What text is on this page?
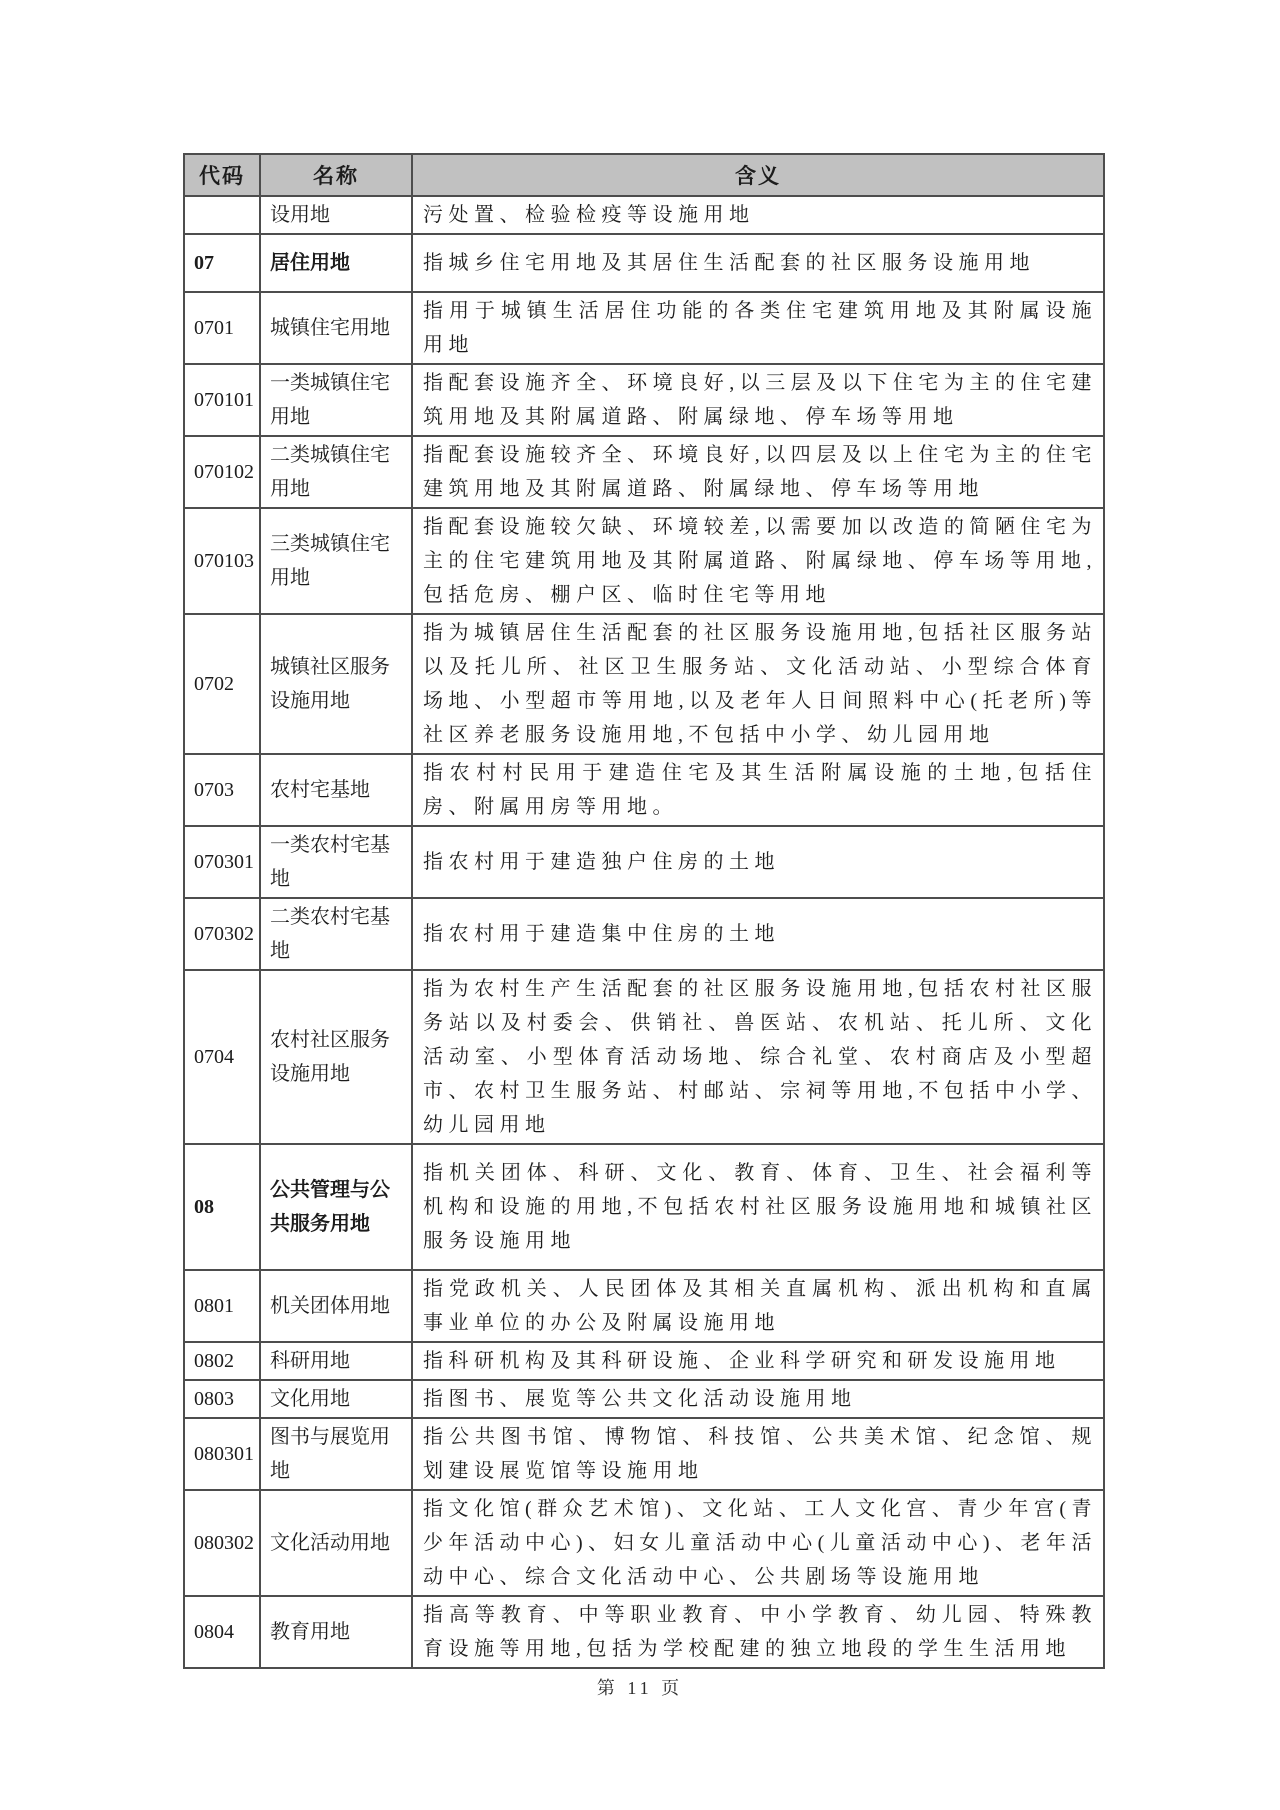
代码	名称	含义
	设用地	污处置、检验检疫等设施用地
07	居住用地	指城乡住宅用地及其居住生活配套的社区服务设施用地
0701	城镇住宅用地	指用于城镇生活居住功能的各类住宅建筑用地及其附属设施用地
070101	一类城镇住宅用地	指配套设施齐全、环境良好,以三层及以下住宅为主的住宅建筑用地及其附属道路、附属绿地、停车场等用地
070102	二类城镇住宅用地	指配套设施较齐全、环境良好,以四层及以上住宅为主的住宅建筑用地及其附属道路、附属绿地、停车场等用地
070103	三类城镇住宅用地	指配套设施较欠缺、环境较差,以需要加以改造的简陋住宅为主的住宅建筑用地及其附属道路、附属绿地、停车场等用地,包括危房、棚户区、临时住宅等用地
0702	城镇社区服务设施用地	指为城镇居住生活配套的社区服务设施用地,包括社区服务站以及托儿所、社区卫生服务站、文化活动站、小型综合体育场地、小型超市等用地,以及老年人日间照料中心(托老所)等社区养老服务设施用地,不包括中小学、幼儿园用地
0703	农村宅基地	指农村村民用于建造住宅及其生活附属设施的土地,包括住房、附属用房等用地。
070301	一类农村宅基地	指农村用于建造独户住房的土地
070302	二类农村宅基地	指农村用于建造集中住房的土地
0704	农村社区服务设施用地	指为农村生产生活配套的社区服务设施用地,包括农村社区服务站以及村委会、供销社、兽医站、农机站、托儿所、文化活动室、小型体育活动场地、综合礼堂、农村商店及小型超市、农村卫生服务站、村邮站、宗祠等用地,不包括中小学、幼儿园用地
08	公共管理与公共服务用地	指机关团体、科研、文化、教育、体育、卫生、社会福利等机构和设施的用地,不包括农村社区服务设施用地和城镇社区服务设施用地
0801	机关团体用地	指党政机关、人民团体及其相关直属机构、派出机构和直属事业单位的办公及附属设施用地
0802	科研用地	指科研机构及其科研设施、企业科学研究和研发设施用地
0803	文化用地	指图书、展览等公共文化活动设施用地
080301	图书与展览用地	指公共图书馆、博物馆、科技馆、公共美术馆、纪念馆、规划建设展览馆等设施用地
080302	文化活动用地	指文化馆(群众艺术馆)、文化站、工人文化宫、青少年宫(青少年活动中心)、妇女儿童活动中心(儿童活动中心)、老年活动中心、综合文化活动中心、公共剧场等设施用地
0804	教育用地	指高等教育、中等职业教育、中小学教育、幼儿园、特殊教育设施等用地,包括为学校配建的独立地段的学生生活用地
第 11 页
